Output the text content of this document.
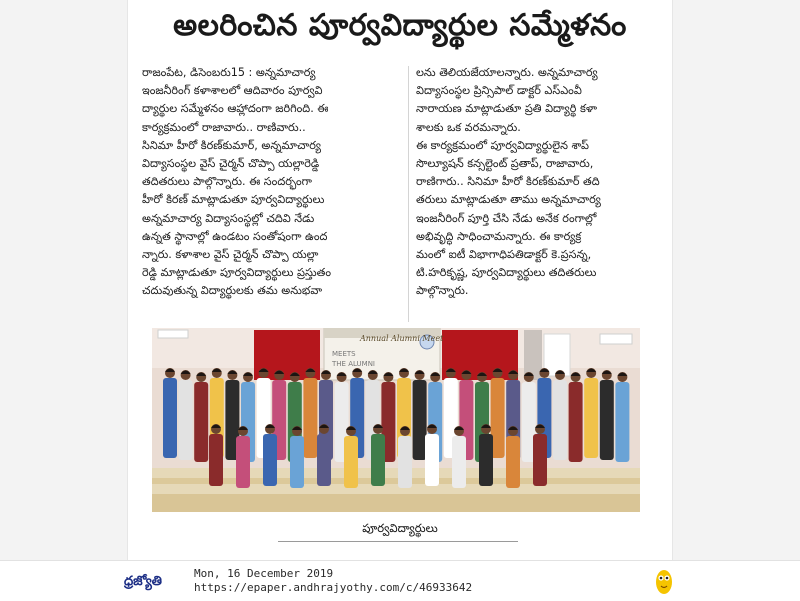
అలరించిన పూర్వవిద్యార్థుల సమ్మేళనం
రాజంపేట, డిసెంబరు15 : అన్నమాచార్య
ఇంజనీరింగ్ కళాశాలలో ఆదివారం పూర్వవి
ద్యార్థుల సమ్మేళనం ఆహ్లాదంగా జరిగింది. ఈ
కార్యక్రమంలో రాజావారు.. రాణివారు..
సినిమా హీరో కిరణ్‌కుమార్, అన్నమాచార్య
విద్యాసంస్థల వైస్ చైర్మన్ చొప్పా యల్లారెడ్డి
తదితరులు పాల్గొన్నారు. ఈ సందర్భంగా
హీరో కిరణ్ మాట్లాడుతూ పూర్వవిద్యార్థులు
అన్నమాచార్య విద్యాసంస్థల్లో చదివి నేడు
ఉన్నత స్థానాల్లో ఉండటం సంతోషంగా ఉంద
న్నారు. కళాశాల వైస్ చైర్మన్ చొప్పా యల్లా
రెడ్డి మాట్లాడుతూ పూర్వవిద్యార్థులు ప్రస్తుతం
చదువుతున్న విద్యార్థులకు తమ అనుభవా
లను తెలియజేయాలన్నారు. అన్నమాచార్య
విద్యాసంస్థల ప్రిన్సిపాల్ డాక్టర్ ఎస్ఎంవీ
నారాయణ మాట్లాడుతూ ప్రతి విద్యార్థి కళా
శాలకు ఒక వరమన్నారు.
ఈ కార్యక్రమంలో పూర్వవిద్యార్థులైన శాప్
సొల్యూషన్ కన్సల్టెంట్ ప్రతాప్, రాజావారు,
రాణిగారు.. సినిమా హీరో కిరణ్‌కుమార్ తది
తరులు మాట్లాడుతూ తాము అన్నమాచార్య
ఇంజనీరింగ్ పూర్తి చేసి నేడు అనేక రంగాల్లో
అభివృద్ధి సాధించామన్నారు. ఈ కార్యక్ర
మంలో ఐటీ విభాగాధిపతిడాక్టర్ కె.ప్రసన్న,
టి.హరికృష్ణ, పూర్వవిద్యార్థులు తదితరులు
పాల్గొన్నారు.
Annual Alumni Meet
MEETS
THE ALUMNI
పూర్వవిద్యార్థులు
ధ్రజ్యోతి
Mon, 16 December 2019
https://epaper.andhrajyothy.com/c/46933642
